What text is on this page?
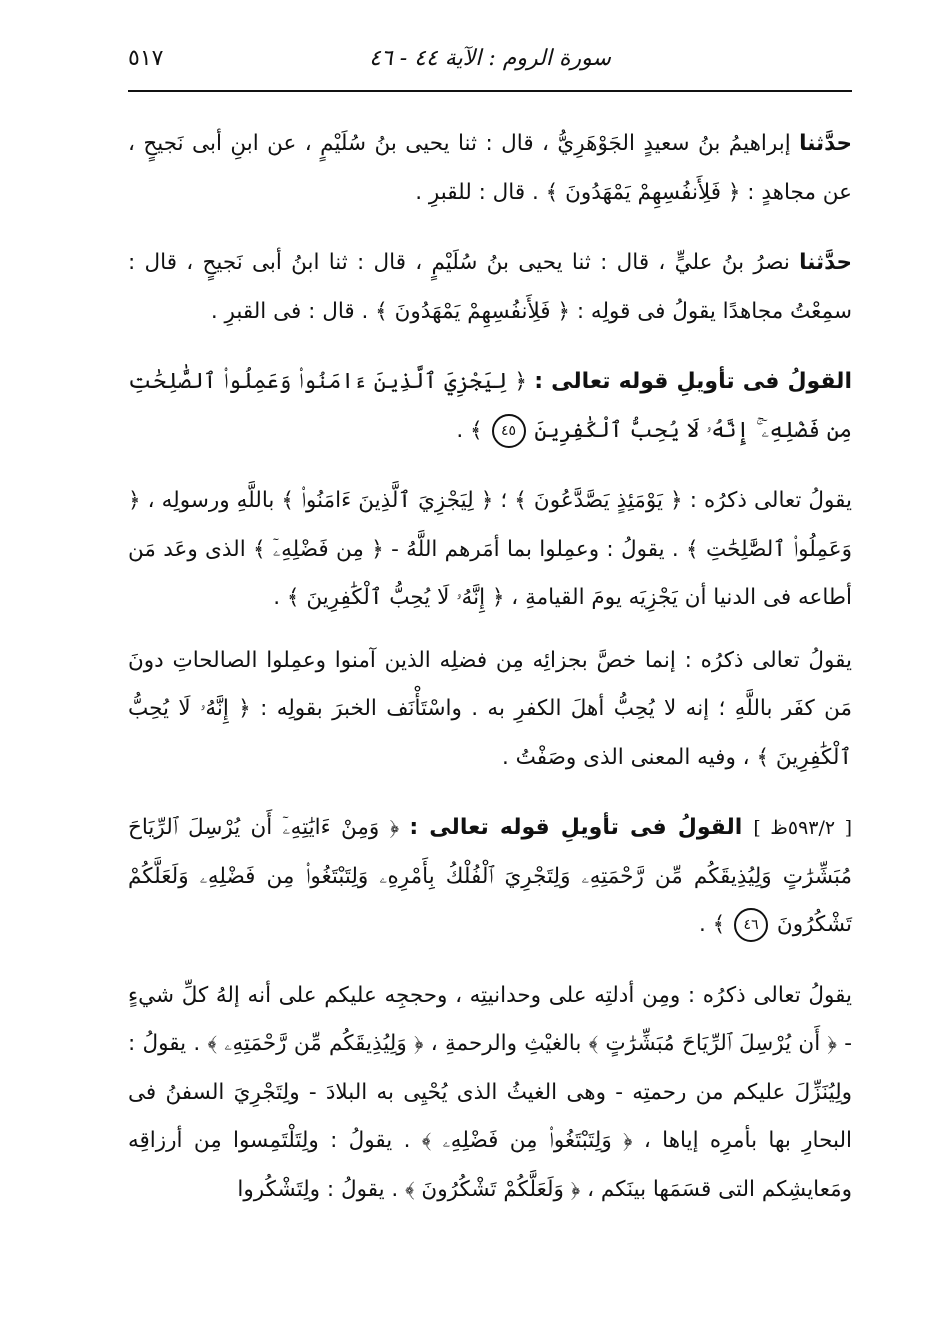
سورة الروم : الآية ٤٤ - ٤٦
٥١٧

حدَّثنا إبراهيمُ بنُ سعيدٍ الجَوْهَرِيُّ ، قال : ثنا يحيى بنُ سُلَيْمٍ ، عن ابنِ أبى نَجيحٍ ، عن مجاهدٍ : ﴿ فَلِأَنفُسِهِمْ يَمْهَدُونَ ﴾ . قال : للقبرِ .

حدَّثنا نصرُ بنُ عليٍّ ، قال : ثنا يحيى بنُ سُلَيْمٍ ، قال : ثنا ابنُ أبى نَجيحٍ ، قال : سمِعْتُ مجاهدًا يقولُ فى قولِه : ﴿ فَلِأَنفُسِهِمْ يَمْهَدُونَ ﴾ . قال : فى القبرِ .

القولُ فى تأويلِ قوله تعالى : ﴿ لِيَجْزِيَ ٱلَّذِينَ ءَامَنُوا۟ وَعَمِلُوا۟ ٱلصَّٰلِحَٰتِ مِن فَضْلِهِۦٓ ۚ إِنَّهُۥ لَا يُحِبُّ ٱلْكَٰفِرِينَ ٤٥ ﴾ .

يقولُ تعالى ذكرُه : ﴿ يَوْمَئِذٍ يَصَّدَّعُونَ ﴾ ؛ ﴿ لِيَجْزِيَ ٱلَّذِينَ ءَامَنُوا۟ ﴾ باللَّهِ ورسولِه ، ﴿ وَعَمِلُوا۟ ٱلصَّٰلِحَٰتِ ﴾ . يقولُ : وعمِلوا بما أمَرهم اللَّهُ - ﴿ مِن فَضْلِهِۦٓ ﴾ الذى وعَد مَن أطاعه فى الدنيا أن يَجْزِيَه يومَ القيامةِ ، ﴿ إِنَّهُۥ لَا يُحِبُّ ٱلْكَٰفِرِينَ ﴾ .

يقولُ تعالى ذكرُه : إنما خصَّ بجزائِه مِن فضلِه الذين آمنوا وعمِلوا الصالحاتِ دونَ مَن كفَر باللَّهِ ؛ إنه لا يُحِبُّ أهلَ الكفرِ به . واسْتَأْنَف الخبرَ بقولِه : ﴿ إِنَّهُۥ لَا يُحِبُّ ٱلْكَٰفِرِينَ ﴾ ، وفيه المعنى الذى وصَفْتُ .

[ ٥٩٣/٢ظ ] القولُ فى تأويلِ قوله تعالى : ﴿ وَمِنْ ءَايَٰتِهِۦٓ أَن يُرْسِلَ ٱلرِّيَاحَ مُبَشِّرَٰتٍ وَلِيُذِيقَكُم مِّن رَّحْمَتِهِۦ وَلِتَجْرِيَ ٱلْفُلْكُ بِأَمْرِهِۦ وَلِتَبْتَغُوا۟ مِن فَضْلِهِۦ وَلَعَلَّكُمْ تَشْكُرُونَ ٤٦ ﴾ .

يقولُ تعالى ذكرُه : ومِن أدلتِه على وحدانيتِه ، وحججِه عليكم على أنه إلهُ كلِّ شيءٍ - ﴿ أَن يُرْسِلَ ٱلرِّيَاحَ مُبَشِّرَٰتٍ ﴾ بالغيْثِ والرحمةِ ، ﴿ وَلِيُذِيقَكُم مِّن رَّحْمَتِهِۦ ﴾ . يقولُ : ولِيُنَزِّلَ عليكم من رحمتِه - وهى الغيثُ الذى يُحْيِى به البلادَ - ولِتَجْرِيَ السفنُ فى البحارِ بها بأمرِه إياها ، ﴿ وَلِتَبْتَغُوا۟ مِن فَضْلِهِۦ ﴾ . يقولُ : ولِتَلْتَمِسوا مِن أرزاقِه ومَعايشِكم التى قسَمَها بينَكم ، ﴿ وَلَعَلَّكُمْ تَشْكُرُونَ ﴾ . يقولُ : ولِتَشْكُروا
